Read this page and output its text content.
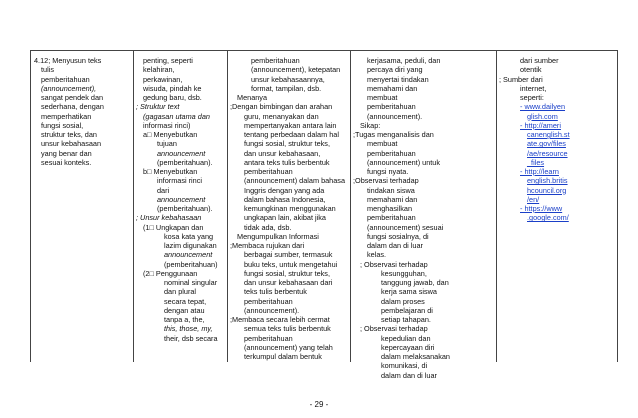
4.12; Menyusun teks

tulis

pemberitahuan

(announcement),

sangat pendek dan

sederhana, dengan

memperhatikan

fungsi sosial,

struktur teks, dan

unsur kebahasaan

yang benar dan

sesuai konteks.

penting, seperti

kelahiran,

perkawinan,

wisuda, pindah ke

gedung baru, dsb.

; Struktur text

(gagasan utama dan

informasi rinci)

a□ Menyebutkan

tujuan

announcement

(pemberitahuan).

b□ Menyebutkan

informasi rinci

dari

announcement

(pemberitahuan).

; Unsur kebahasaan

(1□ Ungkapan dan

kosa kata yang

lazim digunakan

announcement

(pemberitahuan)

(2□ Penggunaan

nominal singular

dan plural

secara tepat,

dengan atau

tanpa a, the,

this, those, my,

their, dsb secara

pemberitahuan

(announcement), ketepatan

unsur kebahasaannya,

format, tampilan, dsb.

Menanya

;Dengan bimbingan dan arahan

guru, menanyakan dan

mempertanyakan antara lain

tentang perbedaan dalam hal

fungsi sosial, struktur teks,

dan unsur kebahasaan,

antara teks tulis berbentuk

pemberitahuan

(announcement) dalam bahasa

Inggris dengan yang ada

dalam bahasa Indonesia,

kemungkinan menggunakan

ungkapan lain, akibat jika

tidak ada, dsb.

Mengumpulkan Informasi

;Membaca rujukan dari

berbagai sumber, termasuk

buku teks, untuk mengetahui

fungsi sosial, struktur teks,

dan unsur kebahasaan dari

teks tulis berbentuk

pemberitahuan

(announcement).

;Membaca secara lebih cermat

semua teks tulis berbentuk

pemberitahuan

(announcement) yang telah

terkumpul dalam bentuk

kerjasama, peduli, dan

percaya diri yang

menyertai tindakan

memahami dan

membuat

pemberitahuan

(announcement).

Sikap:

;Tugas menganalisis dan

membuat

pemberitahuan

(announcement) untuk

fungsi nyata.

;Observasi terhadap

tindakan siswa

memahami dan

menghasilkan

pemberitahuan

(announcement) sesuai

fungsi sosialnya, di

dalam dan di luar

kelas.

; Observasi terhadap

kesungguhan,

tanggung jawab, dan

kerja sama siswa

dalam proses

pembelajaran di

setiap tahapan.

; Observasi terhadap

kepedulian dan

kepercayaan diri

dalam melaksanakan

komunikasi, di

dalam dan di luar

dari sumber

otentik

; Sumber dari

internet,

seperti:

- www.dailyen

glish.com

- http://ameri

canenglish.st

ate.gov/files

/ae/resource

_files

- http://learn

english.britis

hcouncil.org

/en/

- https://www

.google.com/

- 29 -
